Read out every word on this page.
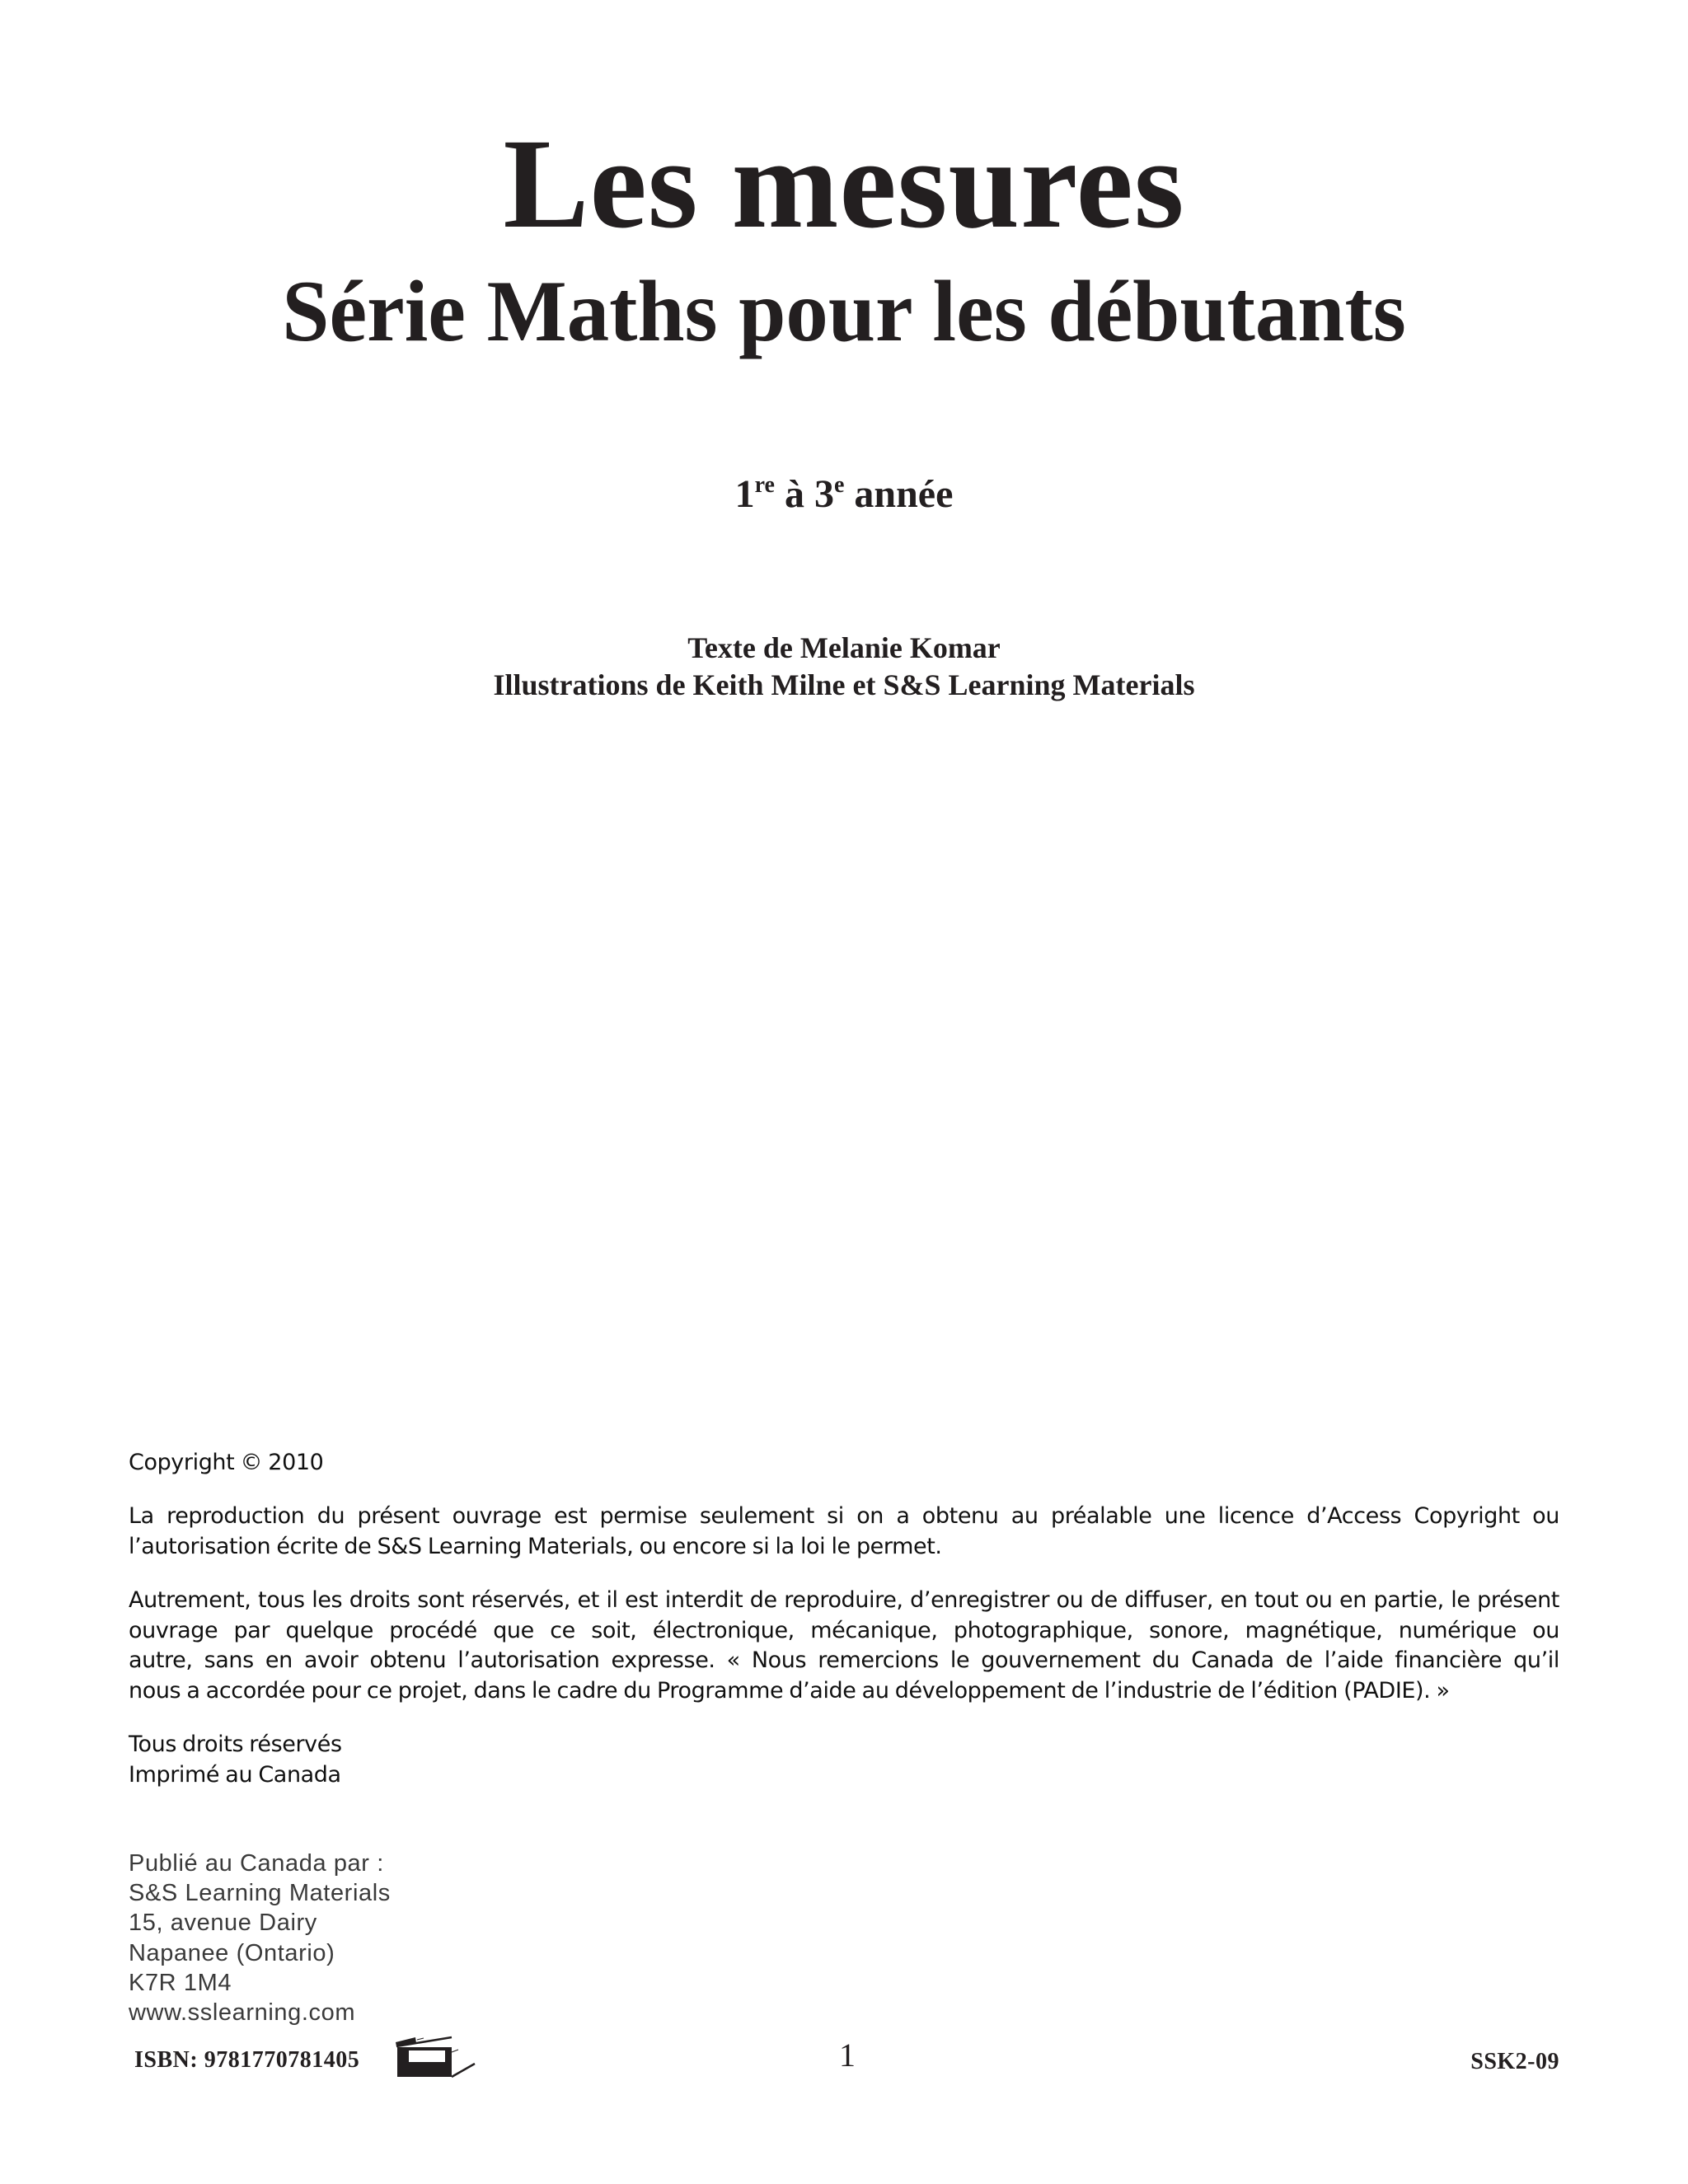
Les mesures
Série Maths pour les débutants
1re à 3e année
Texte de Melanie Komar
Illustrations de Keith Milne et S&S Learning Materials
Copyright © 2010
La reproduction du présent ouvrage est permise seulement si on a obtenu au préalable une licence d’Access Copyright ou
l’autorisation écrite de S&S Learning Materials, ou encore si la loi le permet.
Autrement, tous les droits sont réservés, et il est interdit de reproduire, d’enregistrer ou de diffuser, en tout ou en partie, le présent
ouvrage par quelque procédé que ce soit, électronique, mécanique, photographique, sonore, magnétique, numérique ou
autre, sans en avoir obtenu l’autorisation expresse. « Nous remercions le gouvernement du Canada de l’aide financière qu’il
nous a accordée pour ce projet, dans le cadre du Programme d’aide au développement de l’industrie de l’édition (PADIE). »
Tous droits réservés
Imprimé au Canada
Publié au Canada par :
S&S Learning Materials
15, avenue Dairy
Napanee (Ontario)
K7R 1M4
www.sslearning.com
ISBN: 9781770781405	1	SSK2-09
